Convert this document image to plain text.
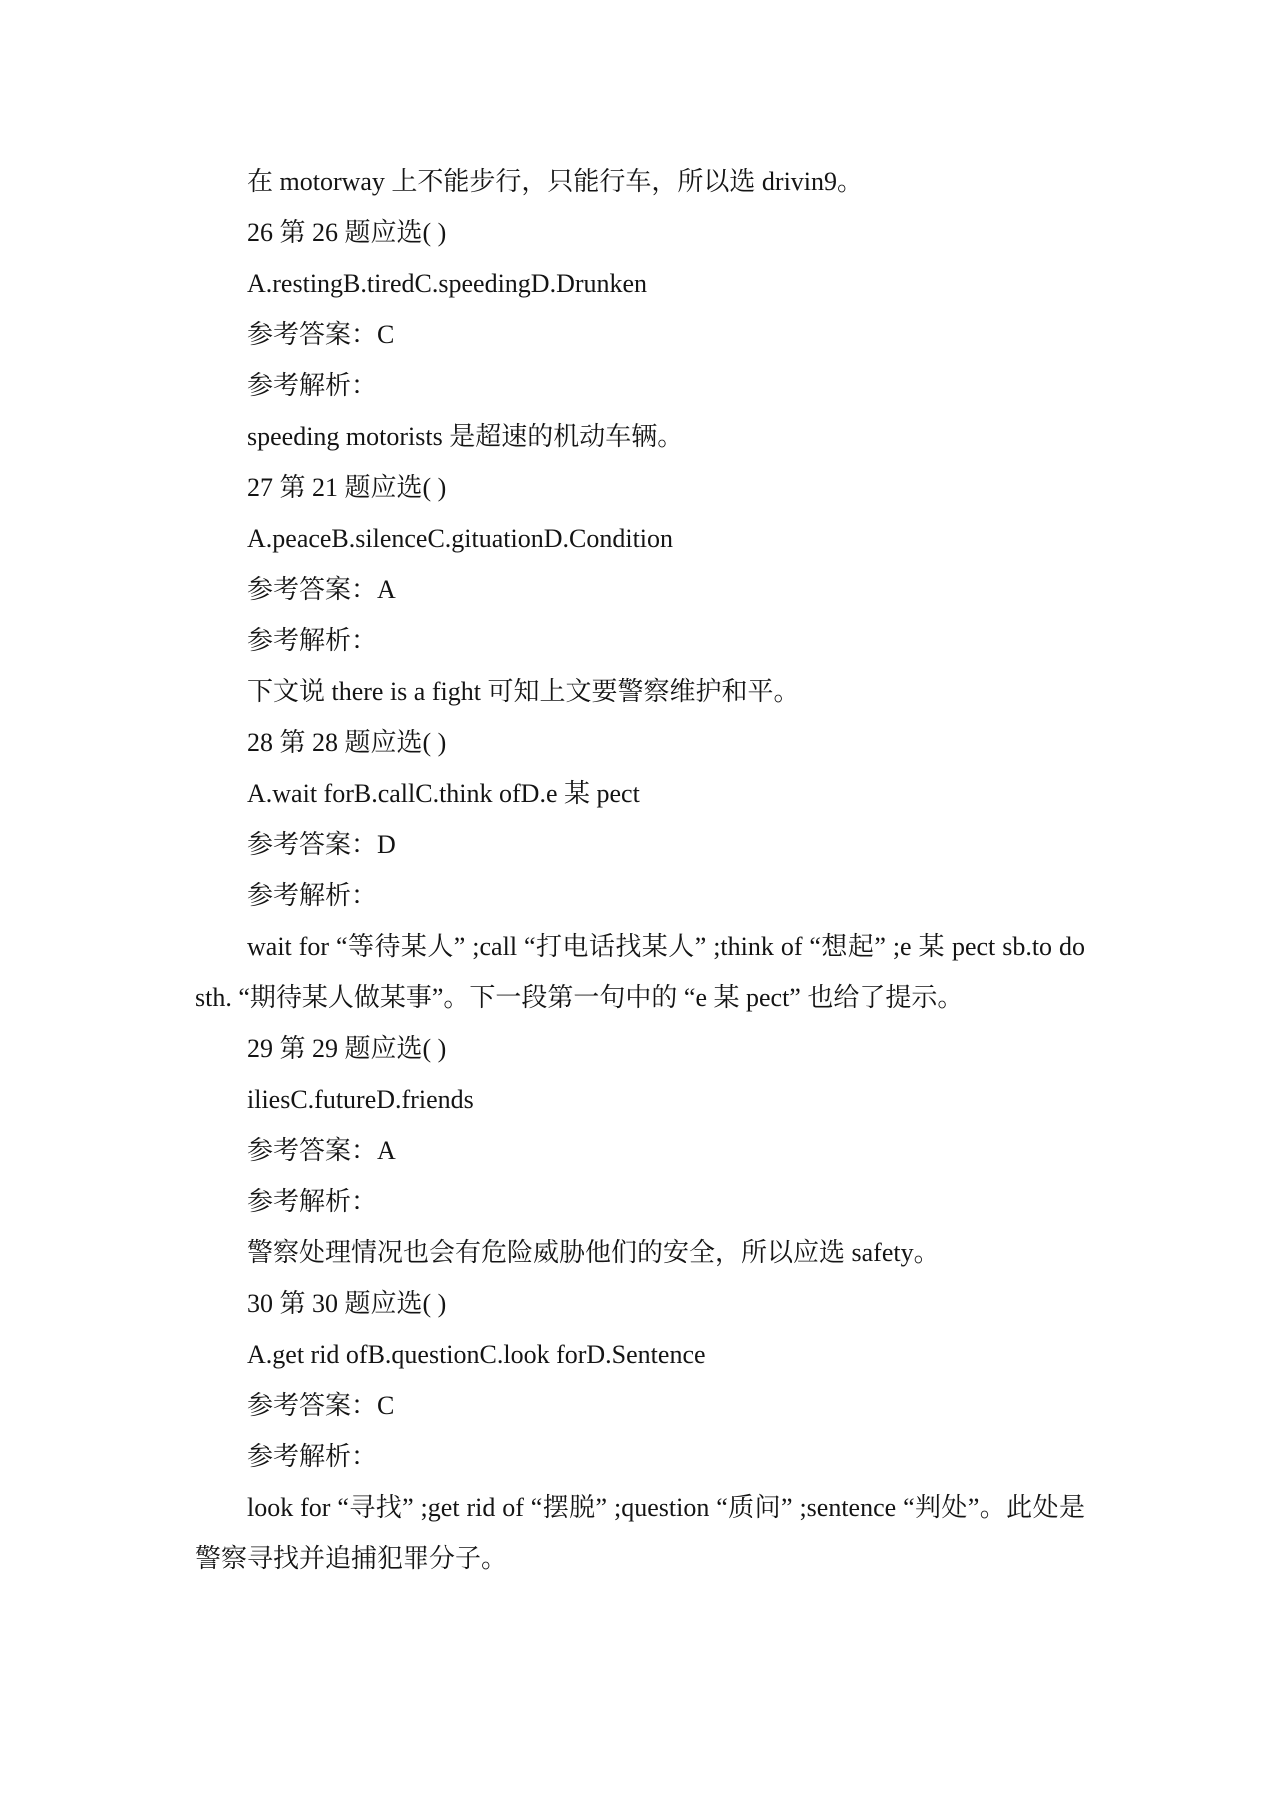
在 motorway 上不能步行，只能行车，所以选 drivin9。

26 第 26 题应选( )

A.restingB.tiredC.speedingD.Drunken

参考答案：C

参考解析：

speeding motorists 是超速的机动车辆。

27 第 21 题应选( )

A.peaceB.silenceC.gituationD.Condition

参考答案：A

参考解析：

下文说 there is a fight 可知上文要警察维护和平。

28 第 28 题应选( )

A.wait forB.callC.think ofD.e 某 pect

参考答案：D

参考解析：

wait for “等待某人” ;call “打电话找某人” ;think of “想起” ;e 某 pect sb.to do sth. “期待某人做某事”。下一段第一句中的 “e 某 pect” 也给了提示。

29 第 29 题应选( )

iliesC.futureD.friends

参考答案：A

参考解析：

警察处理情况也会有危险威胁他们的安全，所以应选 safety。

30 第 30 题应选( )

A.get rid ofB.questionC.look forD.Sentence

参考答案：C

参考解析：

look for “寻找” ;get rid of “摆脱” ;question “质问” ;sentence “判处”。此处是警察寻找并追捕犯罪分子。
